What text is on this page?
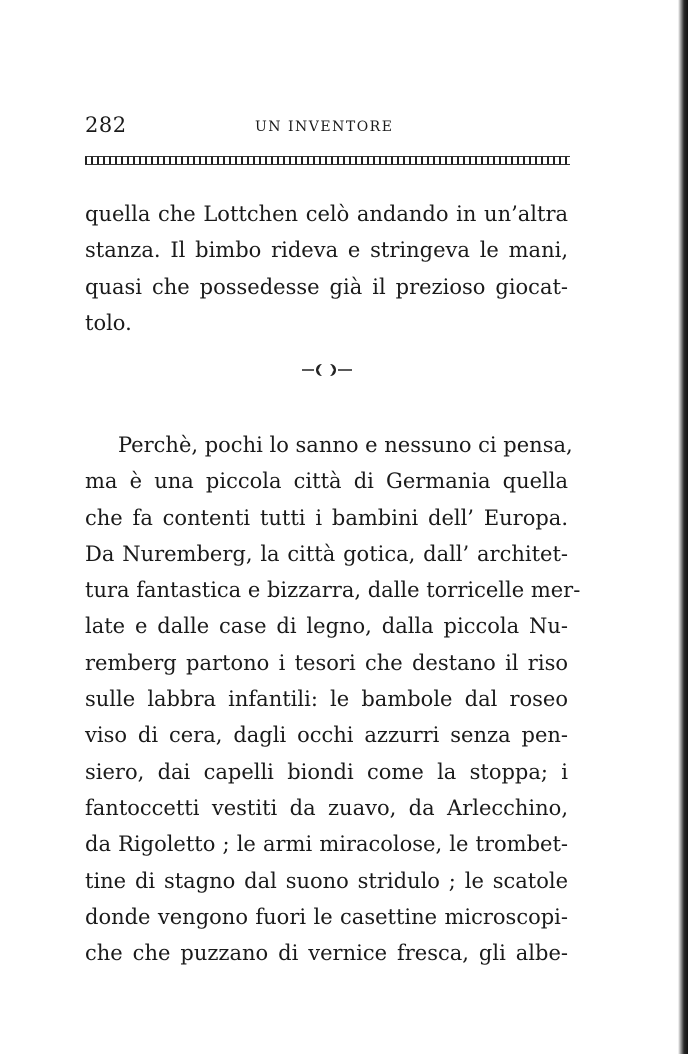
282	UN INVENTORE
quella che Lottchen celò andando in un’altra
stanza. Il bimbo rideva e stringeva le mani,
quasi che possedesse già il prezioso giocat-
tolo.
Perchè, pochi lo sanno e nessuno ci pensa,
ma è una piccola città di Germania quella
che fa contenti tutti i bambini dell’ Europa.
Da Nuremberg, la città gotica, dall’ architet-
tura fantastica e bizzarra, dalle torricelle mer-
late e dalle case di legno, dalla piccola Nu-
remberg partono i tesori che destano il riso
sulle labbra infantili: le bambole dal roseo
viso di cera, dagli occhi azzurri senza pen-
siero, dai capelli biondi come la stoppa; i
fantoccetti vestiti da zuavo, da Arlecchino,
da Rigoletto ; le armi miracolose, le trombet-
tine di stagno dal suono stridulo ; le scatole
donde vengono fuori le casettine microscopi-
che che puzzano di vernice fresca, gli albe-
